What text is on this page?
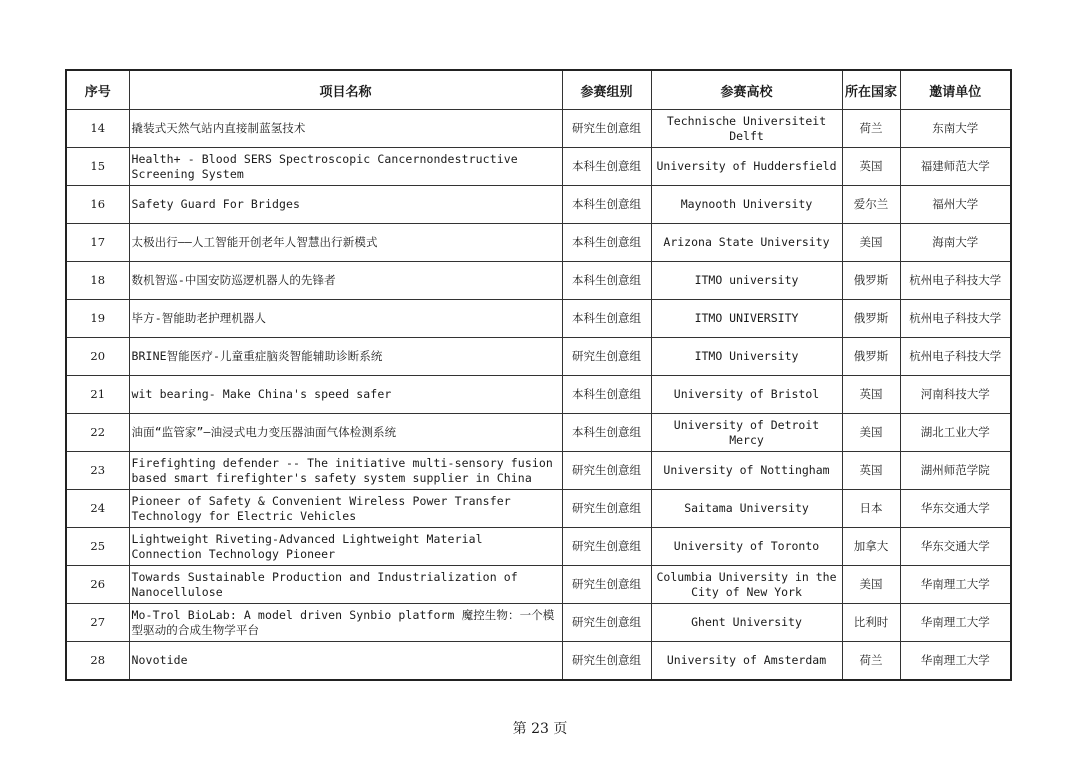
序号	项目名称	参赛组别	参赛高校	所在国家	邀请单位
14	撬装式天然气站内直接制蓝氢技术	研究生创意组	Technische Universiteit Delft	荷兰	东南大学
15	Health+ - Blood SERS Spectroscopic Cancernondestructive Screening System	本科生创意组	University of Huddersfield	英国	福建师范大学
16	Safety Guard For Bridges	本科生创意组	Maynooth University	爱尔兰	福州大学
17	太极出行——人工智能开创老年人智慧出行新模式	本科生创意组	Arizona State University	美国	海南大学
18	数机智巡-中国安防巡逻机器人的先锋者	本科生创意组	ITMO university	俄罗斯	杭州电子科技大学
19	毕方-智能助老护理机器人	本科生创意组	ITMO UNIVERSITY	俄罗斯	杭州电子科技大学
20	BRINE智能医疗-儿童重症脑炎智能辅助诊断系统	研究生创意组	ITMO University	俄罗斯	杭州电子科技大学
21	wit bearing- Make China's speed safer	本科生创意组	University of Bristol	英国	河南科技大学
22	油面“监管家”—油浸式电力变压器油面气体检测系统	本科生创意组	University of Detroit Mercy	美国	湖北工业大学
23	Firefighting defender -- The initiative multi-sensory fusion based smart firefighter's safety system supplier in China	研究生创意组	University of Nottingham	英国	湖州师范学院
24	Pioneer of Safety & Convenient Wireless Power Transfer Technology for Electric Vehicles	研究生创意组	Saitama University	日本	华东交通大学
25	Lightweight Riveting-Advanced Lightweight Material Connection Technology Pioneer	研究生创意组	University of Toronto	加拿大	华东交通大学
26	Towards Sustainable Production and Industrialization of Nanocellulose	研究生创意组	Columbia University in the City of New York	美国	华南理工大学
27	Mo-Trol BioLab: A model driven Synbio platform 魔控生物：一个模型驱动的合成生物学平台	研究生创意组	Ghent University	比利时	华南理工大学
28	Novotide	研究生创意组	University of Amsterdam	荷兰	华南理工大学
第 23 页
